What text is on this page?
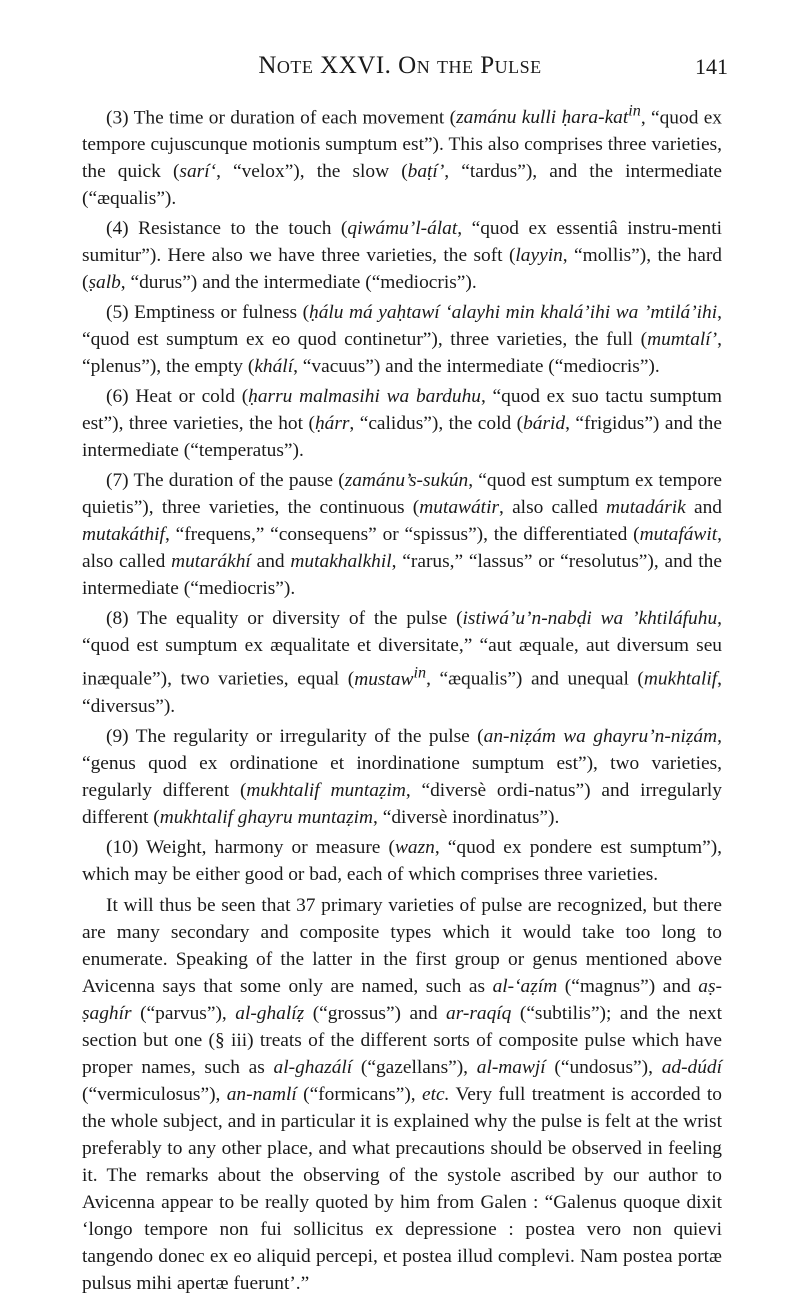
Note XXVI. On the Pulse	141

(3) The time or duration of each movement (zamánu kulli ḥara-kat$^{in}$, “quod ex tempore cujuscunque motionis sumptum est”). This also comprises three varieties, the quick (sarí‘, “velox”), the slow (baṭí’, “tardus”), and the intermediate (“æqualis”).

(4) Resistance to the touch (qiwámu’l-álat, “quod ex essentiâ instru-menti sumitur”). Here also we have three varieties, the soft (layyin, “mollis”), the hard (ṣalb, “durus”) and the intermediate (“mediocris”).

(5) Emptiness or fulness (ḥálu má yaḥtawí ‘alayhi min khalá’ihi wa ’mtilá’ihi, “quod est sumptum ex eo quod continetur”), three varieties, the full (mumtalí’, “plenus”), the empty (khálí, “vacuus”) and the intermediate (“mediocris”).

(6) Heat or cold (ḥarru malmasihi wa barduhu, “quod ex suo tactu sumptum est”), three varieties, the hot (ḥárr, “calidus”), the cold (bárid, “frigidus”) and the intermediate (“temperatus”).

(7) The duration of the pause (zamánu’s-sukún, “quod est sumptum ex tempore quietis”), three varieties, the continuous (mutawátir, also called mutadárik and mutakáthif, “frequens,” “consequens” or “spissus”), the differentiated (mutafáwit, also called mutarákhí and mutakhalkhil, “rarus,” “lassus” or “resolutus”), and the intermediate (“mediocris”).

(8) The equality or diversity of the pulse (istiwá’u’n-nabḍi wa ’khtiláfuhu, “quod est sumptum ex æqualitate et diversitate,” “aut æquale, aut diversum seu inæquale”), two varieties, equal (mustaw$^{in}$, “æqualis”) and unequal (mukhtalif, “diversus”).

(9) The regularity or irregularity of the pulse (an-niẓám wa ghayru’n-niẓám, “genus quod ex ordinatione et inordinatione sumptum est”), two varieties, regularly different (mukhtalif muntaẓim, “diversè ordi-natus”) and irregularly different (mukhtalif ghayru muntaẓim, “diversè inordinatus”).

(10) Weight, harmony or measure (wazn, “quod ex pondere est sumptum”), which may be either good or bad, each of which comprises three varieties.

It will thus be seen that 37 primary varieties of pulse are recognized, but there are many secondary and composite types which it would take too long to enumerate. Speaking of the latter in the first group or genus mentioned above Avicenna says that some only are named, such as al-‘aẓím (“magnus”) and aṣ-ṣaghír (“parvus”), al-ghalíẓ (“grossus”) and ar-raqíq (“subtilis”); and the next section but one (§ iii) treats of the different sorts of composite pulse which have proper names, such as al-ghazálí (“gazellans”), al-mawjí (“undosus”), ad-dúdí (“vermiculosus”), an-namlí (“formicans”), etc. Very full treatment is accorded to the whole subject, and in particular it is explained why the pulse is felt at the wrist preferably to any other place, and what precautions should be observed in feeling it. The remarks about the observing of the systole ascribed by our author to Avicenna appear to be really quoted by him from Galen : “Galenus quoque dixit ‘longo tempore non fui sollicitus ex depressione : postea vero non quievi tangendo donec ex eo aliquid percepi, et postea illud complevi. Nam postea portæ pulsus mihi apertæ fuerunt’.”
